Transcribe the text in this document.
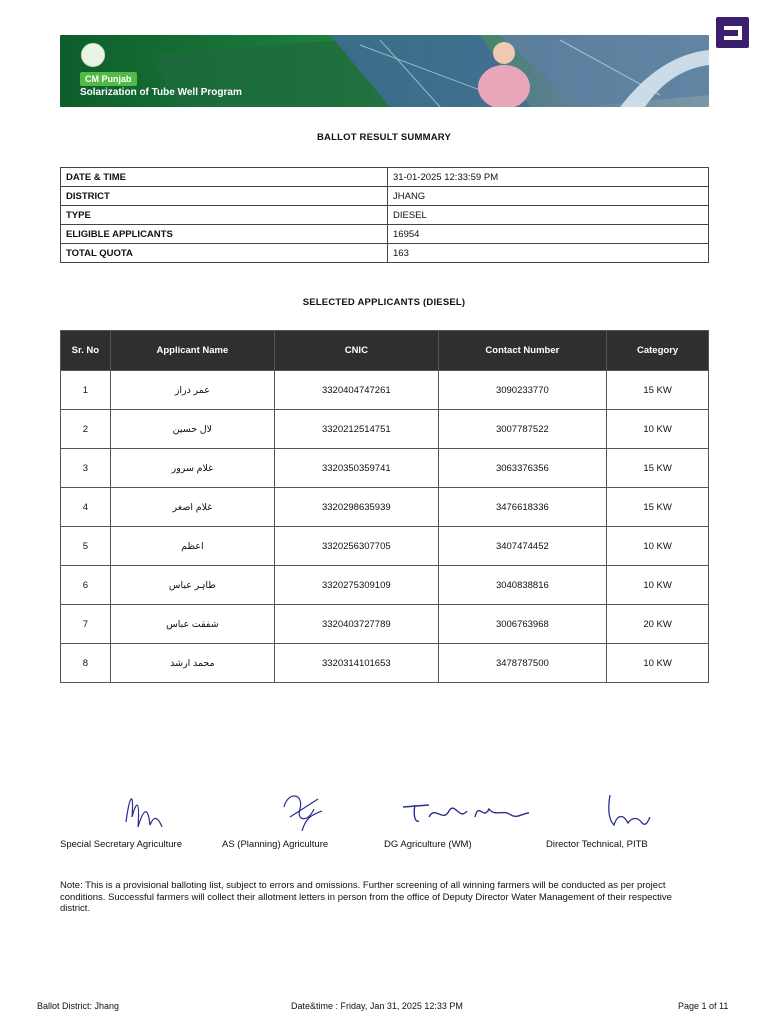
CM Punjab
Solarization of Tube Well Program
BALLOT RESULT SUMMARY
DATE & TIME	31-01-2025 12:33:59 PM
DISTRICT	JHANG
TYPE	DIESEL
ELIGIBLE APPLICANTS	16954
TOTAL QUOTA	163
SELECTED APPLICANTS (DIESEL)
Sr. No	Applicant Name	CNIC	Contact Number	Category
1	عمر دراز	3320404747261	3090233770	15 KW
2	لال حسین	3320212514751	3007787522	10 KW
3	غلام سرور	3320350359741	3063376356	15 KW
4	غلام اصغر	3320298635939	3476618336	15 KW
5	اعظم	3320256307705	3407474452	10 KW
6	طاہر عباس	3320275309109	3040838816	10 KW
7	شفقت عباس	3320403727789	3006763968	20 KW
8	محمد ارشد	3320314101653	3478787500	10 KW
Special Secretary Agriculture	AS (Planning) Agriculture	DG Agriculture (WM)	Director Technical, PITB
Note: This is a provisional balloting list, subject to errors and omissions. Further screening of all winning farmers will be conducted as per project conditions. Successful farmers will collect their allotment letters in person from the office of Deputy Director Water Management of their respective district.
Ballot District: Jhang	Date&time : Friday, Jan 31, 2025 12:33 PM	Page 1 of 11
